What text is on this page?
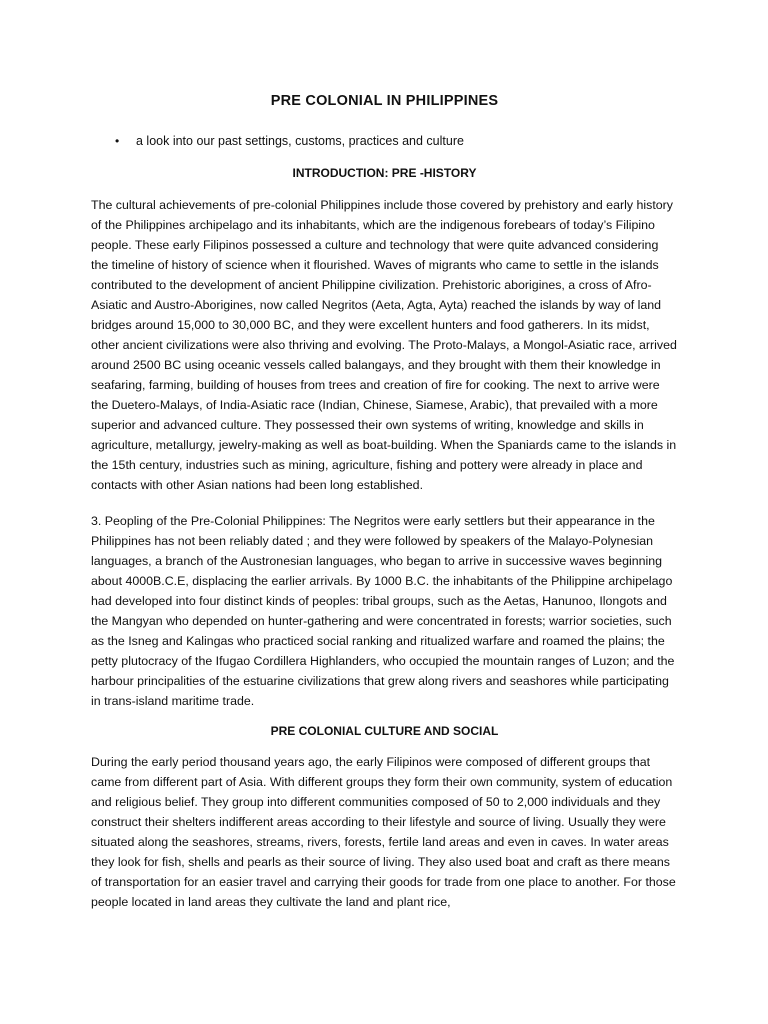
PRE COLONIAL IN PHILIPPINES
• a look into our past settings, customs, practices and culture
INTRODUCTION: PRE -HISTORY

The cultural achievements of pre-colonial Philippines include those covered by prehistory and early history of the Philippines archipelago and its inhabitants, which are the indigenous forebears of today’s Filipino people. These early Filipinos possessed a culture and technology that were quite advanced considering the timeline of history of science when it flourished. Waves of migrants who came to settle in the islands contributed to the development of ancient Philippine civilization. Prehistoric aborigines, a cross of Afro-Asiatic and Austro-Aborigines, now called Negritos (Aeta, Agta, Ayta) reached the islands by way of land bridges around 15,000 to 30,000 BC, and they were excellent hunters and food gatherers. In its midst, other ancient civilizations were also thriving and evolving. The Proto-Malays, a Mongol-Asiatic race, arrived around 2500 BC using oceanic vessels called balangays, and they brought with them their knowledge in seafaring, farming, building of houses from trees and creation of fire for cooking. The next to arrive were the Duetero-Malays, of India-Asiatic race (Indian, Chinese, Siamese, Arabic), that prevailed with a more superior and advanced culture. They possessed their own systems of writing, knowledge and skills in agriculture, metallurgy, jewelry-making as well as boat-building. When the Spaniards came to the islands in the 15th century, industries such as mining, agriculture, fishing and pottery were already in place and contacts with other Asian nations had been long established.

3. Peopling of the Pre-Colonial Philippines: The Negritos were early settlers but their appearance in the Philippines has not been reliably dated ; and they were followed by speakers of the Malayo-Polynesian languages, a branch of the Austronesian languages, who began to arrive in successive waves beginning about 4000B.C.E, displacing the earlier arrivals. By 1000 B.C. the inhabitants of the Philippine archipelago had developed into four distinct kinds of peoples: tribal groups, such as the Aetas, Hanunoo, Ilongots and the Mangyan who depended on hunter-gathering and were concentrated in forests; warrior societies, such as the Isneg and Kalingas who practiced social ranking and ritualized warfare and roamed the plains; the petty plutocracy of the Ifugao Cordillera Highlanders, who occupied the mountain ranges of Luzon; and the harbour principalities of the estuarine civilizations that grew along rivers and seashores while participating in trans-island maritime trade.

PRE COLONIAL CULTURE AND SOCIAL

During the early period thousand years ago, the early Filipinos were composed of different groups that came from different part of Asia. With different groups they form their own community, system of education and religious belief. They group into different communities composed of 50 to 2,000 individuals and they construct their shelters indifferent areas according to their lifestyle and source of living. Usually they were situated along the seashores, streams, rivers, forests, fertile land areas and even in caves. In water areas they look for fish, shells and pearls as their source of living. They also used boat and craft as there means of transportation for an easier travel and carrying their goods for trade from one place to another. For those people located in land areas they cultivate the land and plant rice,
